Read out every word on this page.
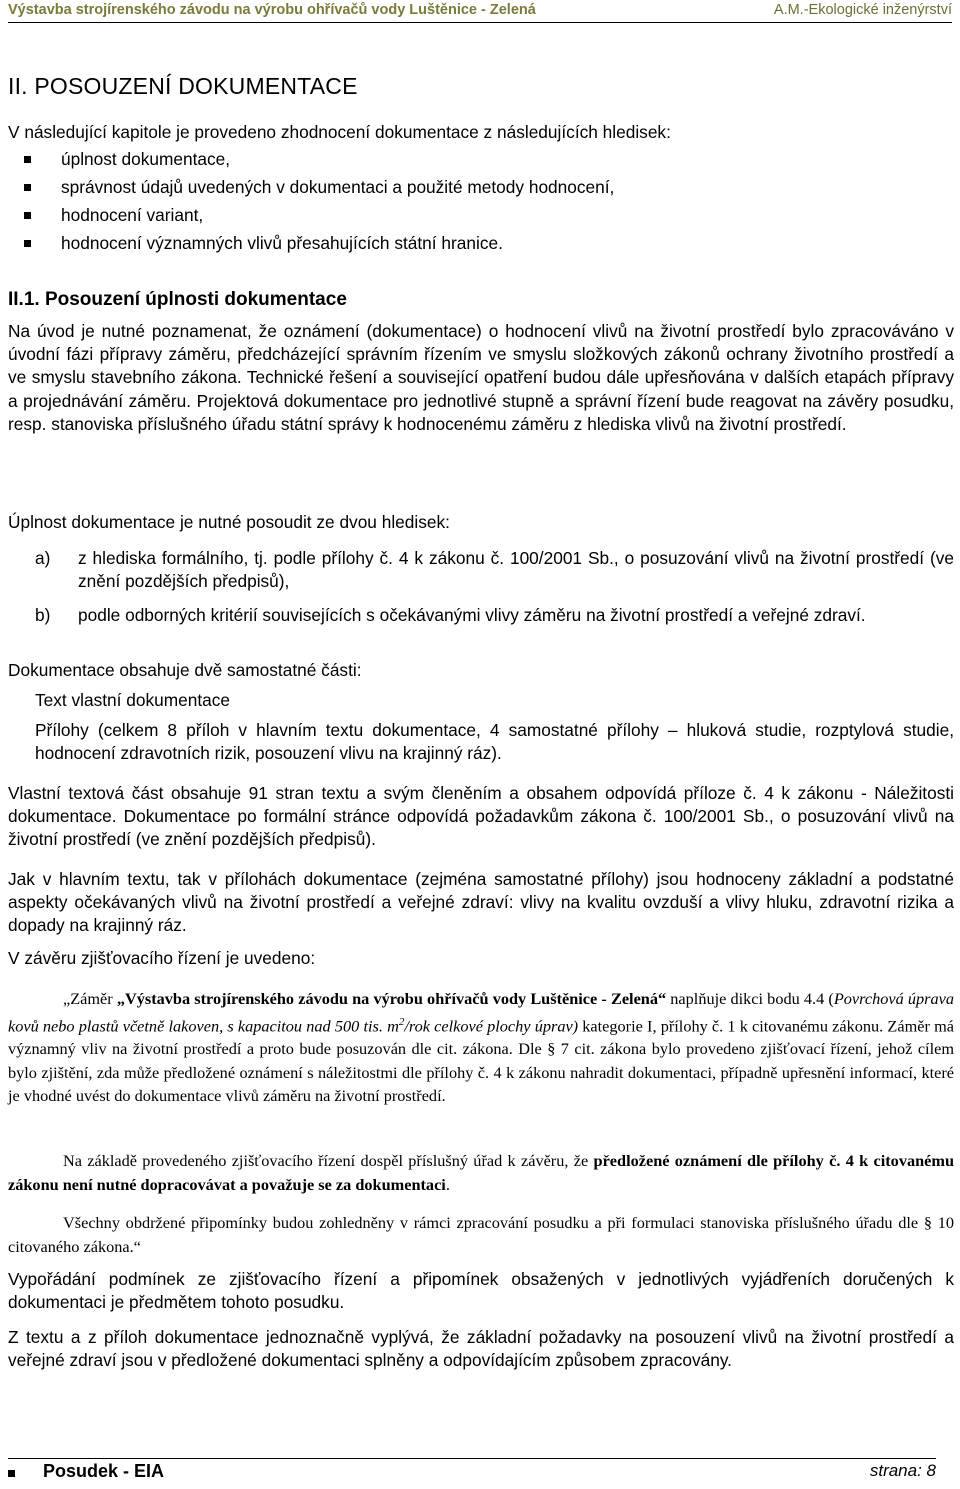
Výstavba strojírenského závodu na výrobu ohřívačů vody Luštěnice - Zelená	A.M.-Ekologické inženýrství
II. POSOUZENÍ DOKUMENTACE
V následující kapitole je provedeno zhodnocení dokumentace z následujících hledisek:
úplnost dokumentace,
správnost údajů uvedených v dokumentaci a použité metody hodnocení,
hodnocení variant,
hodnocení významných vlivů přesahujících státní hranice.
II.1. Posouzení úplnosti dokumentace
Na úvod je nutné poznamenat, že oznámení (dokumentace) o hodnocení vlivů na životní prostředí bylo zpracováváno v úvodní fázi přípravy záměru, předcházející správním řízením ve smyslu složkových zákonů ochrany životního prostředí a ve smyslu stavebního zákona. Technické řešení a související opatření budou dále upřesňována v dalších etapách přípravy a projednávání záměru. Projektová dokumentace pro jednotlivé stupně a správní řízení bude reagovat na závěry posudku, resp. stanoviska příslušného úřadu státní správy k hodnocenému záměru z hlediska vlivů na životní prostředí.
Úplnost dokumentace je nutné posoudit ze dvou hledisek:
a) z hlediska formálního, tj. podle přílohy č. 4 k zákonu č. 100/2001 Sb., o posuzování vlivů na životní prostředí (ve znění pozdějších předpisů),
b) podle odborných kritérií souvisejících s očekávanými vlivy záměru na životní prostředí a veřejné zdraví.
Dokumentace obsahuje dvě samostatné části:
Text vlastní dokumentace
Přílohy (celkem 8 příloh v hlavním textu dokumentace, 4 samostatné přílohy – hluková studie, rozptylová studie, hodnocení zdravotních rizik, posouzení vlivu na krajinný ráz).
Vlastní textová část obsahuje 91 stran textu a svým členěním a obsahem odpovídá příloze č. 4 k zákonu - Náležitosti dokumentace. Dokumentace po formální stránce odpovídá požadavkům zákona č. 100/2001 Sb., o posuzování vlivů na životní prostředí (ve znění pozdějších předpisů).
Jak v hlavním textu, tak v přílohách dokumentace (zejména samostatné přílohy) jsou hodnoceny základní a podstatné aspekty očekávaných vlivů na životní prostředí a veřejné zdraví: vlivy na kvalitu ovzduší a vlivy hluku, zdravotní rizika a dopady na krajinný ráz.
V závěru zjišťovacího řízení je uvedeno:
„Záměr „Výstavba strojírenského závodu na výrobu ohřívačů vody Luštěnice - Zelená“ naplňuje dikci bodu 4.4 (Povrchová úprava kovů nebo plastů včetně lakoven, s kapacitou nad 500 tis. $m^2$/rok celkové plochy úprav) kategorie I, přílohy č. 1 k citovanému zákonu. Záměr má významný vliv na životní prostředí a proto bude posuzován dle cit. zákona. Dle § 7 cit. zákona bylo provedeno zjišťovací řízení, jehož cílem bylo zjištění, zda může předložené oznámení s náležitostmi dle přílohy č. 4 k zákonu nahradit dokumentaci, případně upřesnění informací, které je vhodné uvést do dokumentace vlivů záměru na životní prostředí.
Na základě provedeného zjišťovacího řízení dospěl příslušný úřad k závěru, že předložené oznámení dle přílohy č. 4 k citovanému zákonu není nutné dopracovávat a považuje se za dokumentaci.
Všechny obdržené připomínky budou zohledněny v rámci zpracování posudku a při formulaci stanoviska příslušného úřadu dle § 10 citovaného zákona.“
Vypořádání podmínek ze zjišťovacího řízení a připomínek obsažených v jednotlivých vyjádřeních doručených k dokumentaci je předmětem tohoto posudku.
Z textu a z příloh dokumentace jednoznačně vyplývá, že základní požadavky na posouzení vlivů na životní prostředí a veřejné zdraví jsou v předložené dokumentaci splněny a odpovídajícím způsobem zpracovány.
Posudek - EIA	strana: 8
